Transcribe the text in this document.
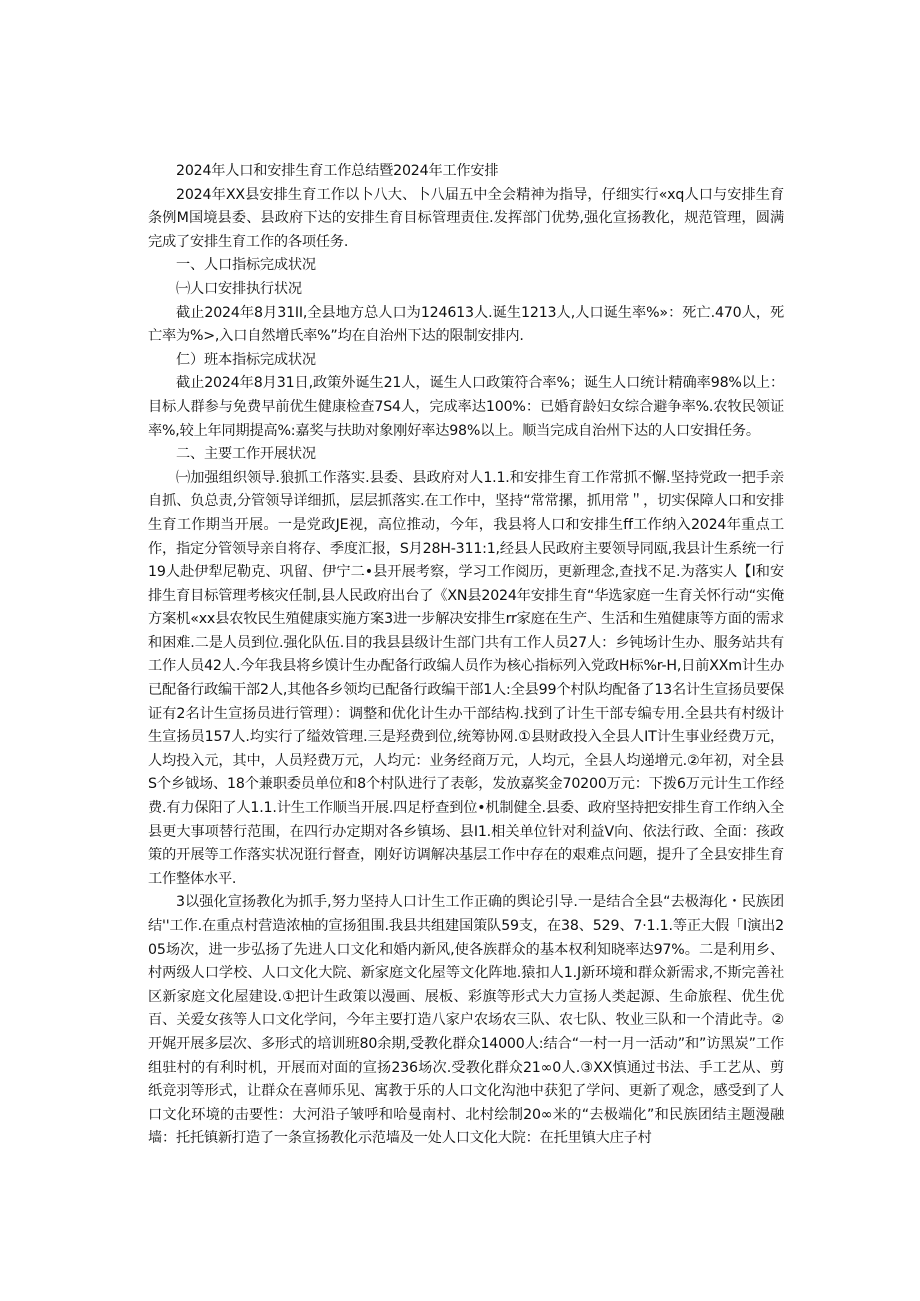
2024年人口和安排生育工作总结暨2024年工作安排

2024年XX县安排生育工作以卜八大、卜八届五中全会精神为指导，仔细实行«xq人口与安排生育条例M国境县委、县政府下达的安排生育目标管理责住.发挥部门优势,强化宣扬教化，规范管理，圆满完成了安排生育工作的各项任务.

一、人口指标完成状况

㈠人口安排执行状况

截止2024年8月31II,全县地方总人口为124613人.诞生1213人,人口诞生率%»：死亡.470人，死亡率为%>,入口自然增氏率%”均在自治州下达的限制安排内.

仁）班本指标完成状况

截止2024年8月31日,政策外诞生21人，诞生人口政策符合率%；诞生人口统计精确率98%以上：目标人群参与免费早前优生健康检查7S4人，完成率达100%：已婚育龄妇女综合避争率%.农牧民领证率%,较上年同期提高%:嘉奖与扶助对象刚好率达98%以上。顺当完成自治州下达的人口安揖任务。

二、主要工作开展状况

㈠加强组织领导.狼抓工作落实.县委、县政府对人1.1.和安排生育工作常抓不懈.坚持党政一把手亲自抓、负总责,分管领导详细抓，层层抓落实.在工作中，坚持“常常摞，抓用常＂，切实保障人口和安排生育工作期当开展。一是党政JE视，高位推动，今年，我县将人口和安排生ff工作纳入2024年重点工作，指定分管领导亲自将存、季度汇报，S月28H-311:1,经县人民政府主要领导同瓯,我县计生系统一行19人赴伊犁尼勒克、巩留、伊宁二•县开展考察，学习工作阅历，更新理念,查找不足.为落实人【I和安排生育目标管理考核灾任制,县人民政府出台了《XN县2024年安排生育“华选家庭一生育关怀行动“实俺方案机«xx县农牧民生殖健康实施方案3进一步解决安排生rr家庭在生产、生活和生殖健康等方面的需求和困难.二是人员到位.强化队伍.目的我县县级计生部门共有工作人员27人：乡钝场计生办、服务站共有工作人员42人.今年我县将乡馍计生办配备行政编人员作为核心指标列入党政H标%r-H,日前XXm计生办已配备行政编干部2人,其他各乡领均已配备行政编干部1人:全县99个村队均配备了13名计生宣扬员要保证有2名计生宣扬员进行管理）：调整和优化计生办干部结构.找到了计生干部专编专用.全县共有村级计生宣扬员157人.均实行了缢效管理.三是羟费到位,统筹协网.①县财政投入全县人IT计生事业经费万元，人均投入元，其中，人员羟费万元，人均元：业务经商万元，人均元，全县人均递增元.②年初，对全县S个乡钺场、18个兼职委员单位和8个村队进行了表彰，发放嘉奖金70200万元：下拨6万元计生工作经费.有力保阳了人1.1.计生工作顺当开展.四足杼查到位•机制健全.县委、政府坚持把安排生育工作纳入全县更大事项替行范围，在四行办定期对各乡镇场、县I1.相关单位针对利益V向、依法行政、全面：孩政策的开展等工作落实状况诳行督查，刚好访调解决基层工作中存在的艰难点问题，提升了全县安排生育工作整体水平.

3以强化宣扬教化为抓手,努力坚持人口计生工作正确的舆论引导.一是结合全县“去极海化・民族团结''工作.在重点村营造浓柚的宣扬狙围.我县共组建国策队59支，在38、529、7·1.1.等正大假「I演出205场次，进一步弘扬了先进人口文化和婚内新风,使各族群众的基本权利知晓率达97%。二是利用乡、村两级人口学校、人口文化大院、新家庭文化屋等文化阵地.猿扣人1.J新环境和群众新需求,不斯完善社区新家庭文化屋建设.①把计生政策以漫画、展板、彩旗等形式大力宣扬人类起源、生命旅程、优生优百、关爱女孩等人口文化学问，今年主要打造八家户农场农三队、农七队、牧业三队和一个清此寺。②开娓开展多层次、多形式的培训班80余期,受教化群众14000人:结合“一村一月一活动”和”访黑炭”工作组驻村的有利时机，开展而对面的宣扬236场次.受教化群众21∞0人.③XX慎通过书法、手工艺从、剪纸竞羽等形式，让群众在喜师乐见、寓教于乐的人口文化沟池中获犯了学问、更新了观念，感受到了人口文化环境的击要性：大河沿子皱呼和哈曼南村、北村绘制20∞米的“去极端化”和民族团结主题漫融墙：托托镇新打造了一条宣扬教化示范墙及一处人口文化大院：在托里镇大庄子村
